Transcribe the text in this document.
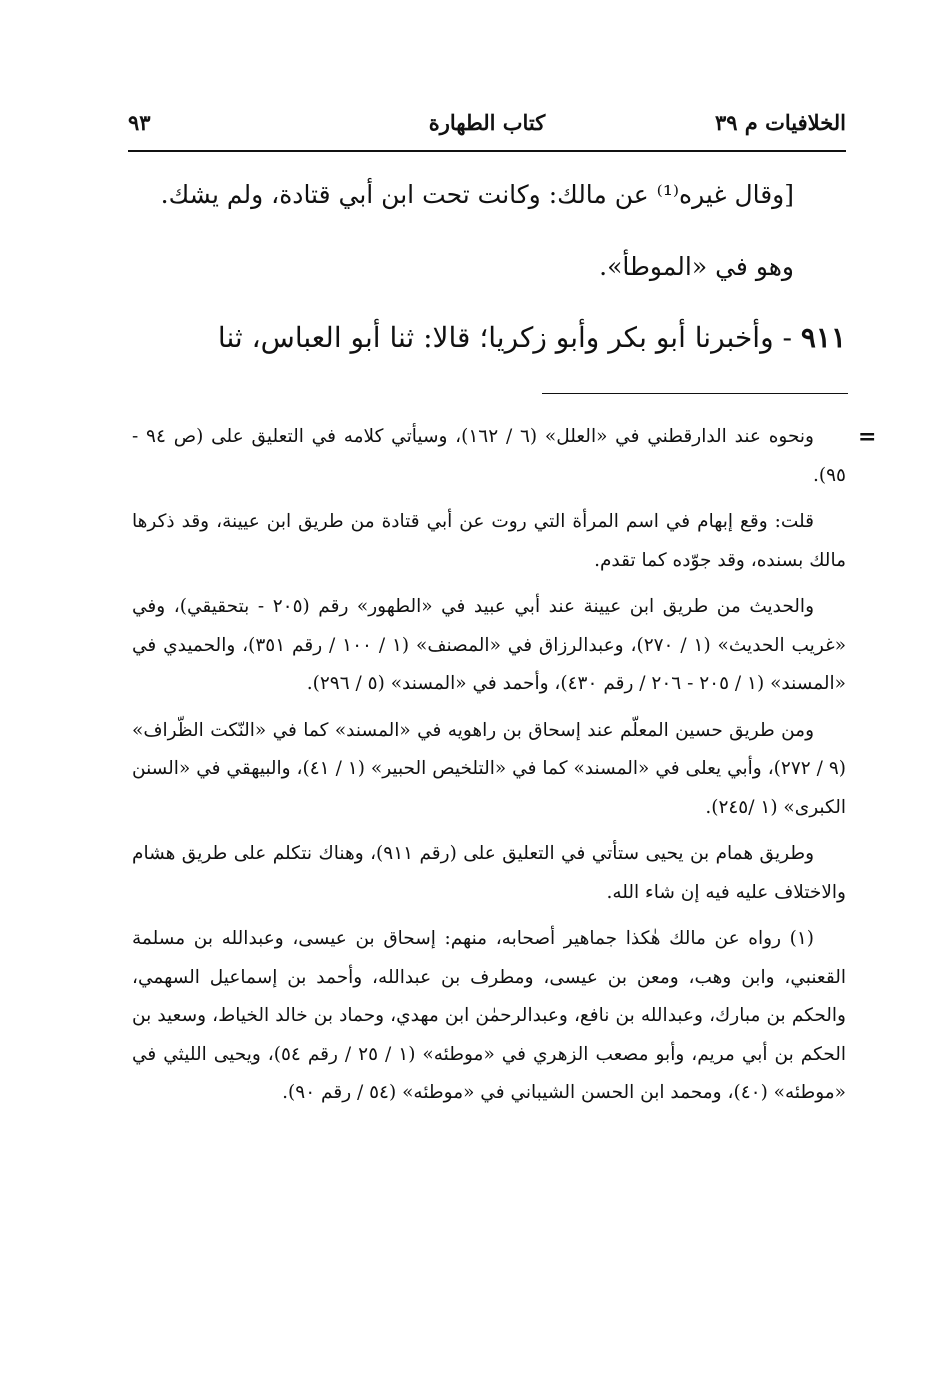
الخلافيات م ٣٩
كتاب الطهارة
٩٣

[وقال غيره⁽¹⁾ عن مالك: وكانت تحت ابن أبي قتادة، ولم يشك.

وهو في «الموطأ».

٩١١ - وأخبرنا أبو بكر وأبو زكريا؛ قالا: ثنا أبو العباس، ثنا

=

ونحوه عند الدارقطني في «العلل» (٦ / ١٦٢)، وسيأتي كلامه في التعليق على (ص ٩٤ - ٩٥).

قلت: وقع إبهام في اسم المرأة التي روت عن أبي قتادة من طريق ابن عيينة، وقد ذكرها مالك بسنده، وقد جوّده كما تقدم.

والحديث من طريق ابن عيينة عند أبي عبيد في «الطهور» رقم (٢٠٥ - بتحقيقي)، وفي «غريب الحديث» (١ / ٢٧٠)، وعبدالرزاق في «المصنف» (١ / ١٠٠ / رقم ٣٥١)، والحميدي في «المسند» (١ / ٢٠٥ - ٢٠٦ / رقم ٤٣٠)، وأحمد في «المسند» (٥ / ٢٩٦).

ومن طريق حسين المعلّم عند إسحاق بن راهويه في «المسند» كما في «النّكت الظّراف» (٩ / ٢٧٢)، وأبي يعلى في «المسند» كما في «التلخيص الحبير» (١ / ٤١)، والبيهقي في «السنن الكبرى» (١ /٢٤٥).

وطريق همام بن يحيى ستأتي في التعليق على (رقم ٩١١)، وهناك نتكلم على طريق هشام والاختلاف عليه فيه إن شاء الله.

(١) رواه عن مالك هٰكذا جماهير أصحابه، منهم: إسحاق بن عيسى، وعبدالله بن مسلمة القعنبي، وابن وهب، ومعن بن عيسى، ومطرف بن عبدالله، وأحمد بن إسماعيل السهمي، والحكم بن مبارك، وعبدالله بن نافع، وعبدالرحمٰن ابن مهدي، وحماد بن خالد الخياط، وسعيد بن الحكم بن أبي مريم، وأبو مصعب الزهري في «موطئه» (١ / ٢٥ / رقم ٥٤)، ويحيى الليثي في «موطئه» (٤٠)، ومحمد ابن الحسن الشيباني في «موطئه» (٥٤ / رقم ٩٠).
